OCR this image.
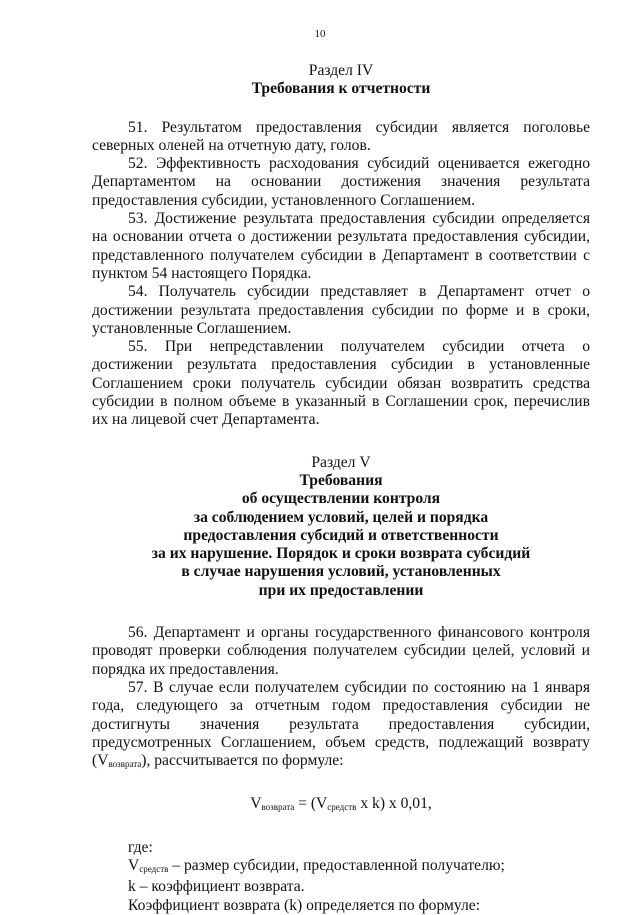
10

Раздел IV

Требования к отчетности

51. Результатом предоставления субсидии является поголовье северных оленей на отчетную дату, голов.

52. Эффективность расходования субсидий оценивается ежегодно Департаментом на основании достижения значения результата предоставления субсидии, установленного Соглашением.

53. Достижение результата предоставления субсидии определяется на основании отчета о достижении результата предоставления субсидии, представленного получателем субсидии в Департамент в соответствии с пунктом 54 настоящего Порядка.

54. Получатель субсидии представляет в Департамент отчет о достижении результата предоставления субсидии по форме и в сроки, установленные Соглашением.

55. При непредставлении получателем субсидии отчета о достижении результата предоставления субсидии в установленные Соглашением сроки получатель субсидии обязан возвратить средства субсидии в полном объеме в указанный в Соглашении срок, перечислив их на лицевой счет Департамента.

Раздел V

Требования

об осуществлении контроля

за соблюдением условий, целей и порядка

предоставления субсидий и ответственности

за их нарушение. Порядок и сроки возврата субсидий

в случае нарушения условий, установленных

при их предоставлении

56. Департамент и органы государственного финансового контроля проводят проверки соблюдения получателем субсидии целей, условий и порядка их предоставления.

57. В случае если получателем субсидии по состоянию на 1 января года, следующего за отчетным годом предоставления субсидии не достигнуты значения результата предоставления субсидии, предусмотренных Соглашением, объем средств, подлежащий возврату $(V_{возврата})$, рассчитывается по формуле:

$V_{возврата} = (V_{средств}$ x k) x 0,01,

где:

$V_{средств}$ – размер субсидии, предоставленной получателю;

k – коэффициент возврата.

Коэффициент возврата (k) определяется по формуле:
